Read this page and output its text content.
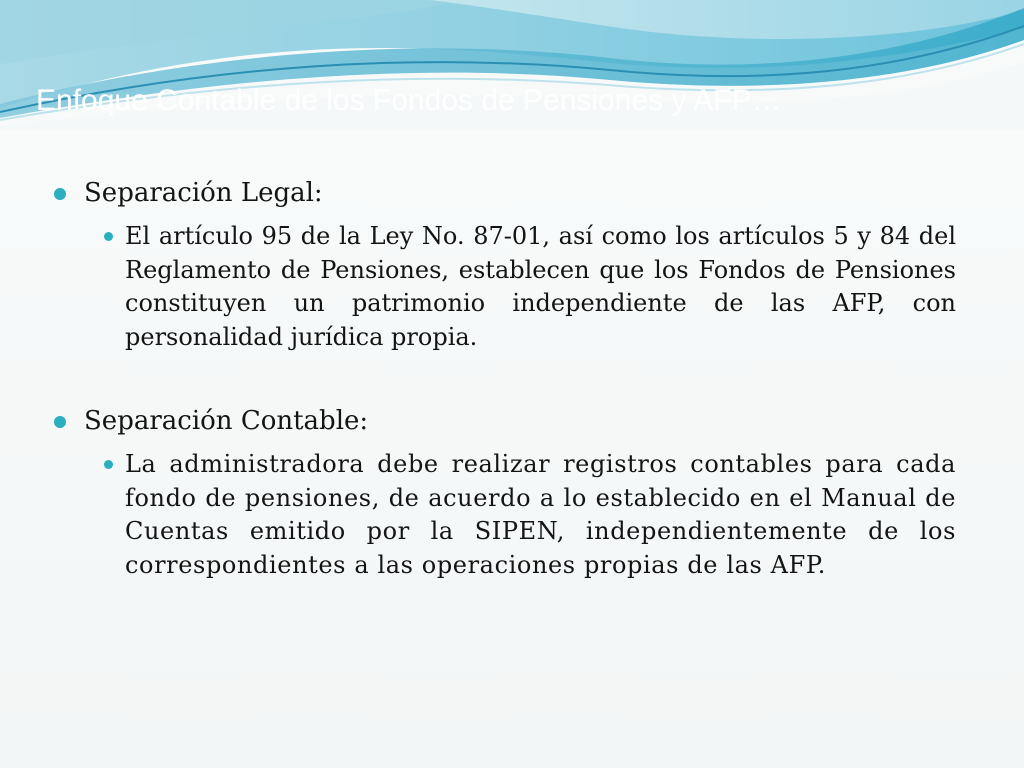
Enfoque Contable de los Fondos de Pensiones y AFP…
Separación Legal:
El artículo 95 de la Ley No. 87-01, así como los artículos 5 y 84 del Reglamento de Pensiones, establecen que los Fondos de Pensiones constituyen un patrimonio independiente de las AFP, con personalidad jurídica propia.
Separación Contable:
La administradora debe realizar registros contables para cada fondo de pensiones, de acuerdo a lo establecido en el Manual de Cuentas emitido por la SIPEN, independientemente de los correspondientes a las operaciones propias de las AFP.
